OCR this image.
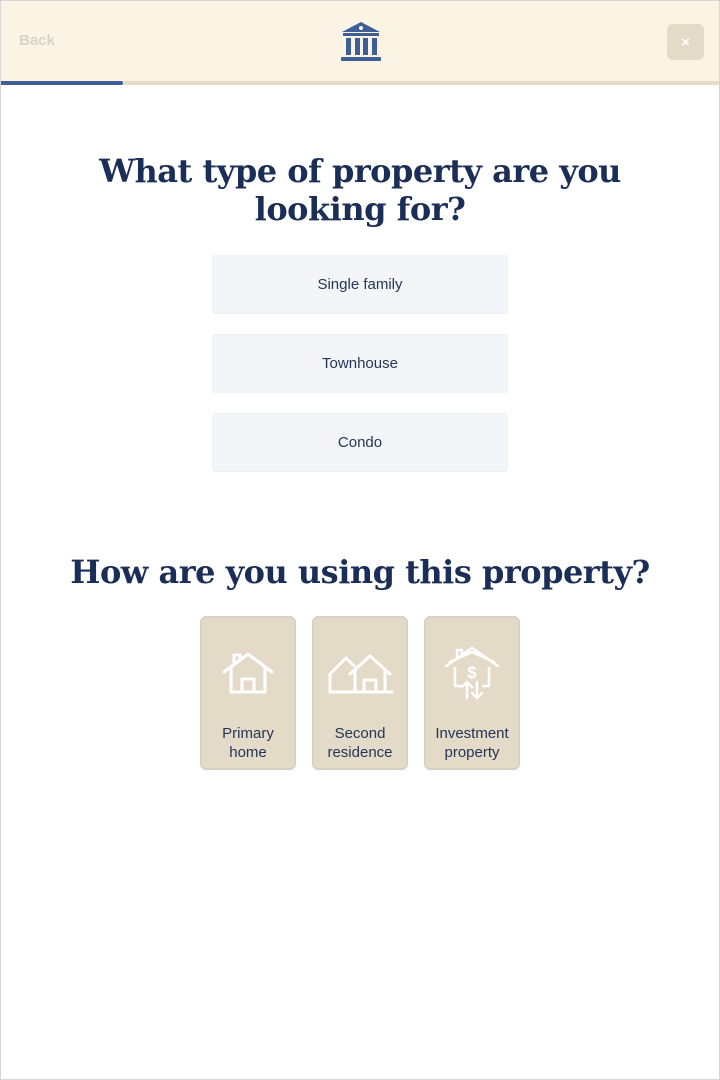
Back	×
What type of property are you looking for?
Single family
Townhouse
Condo
How are you using this property?
Primary
home
Second
residence
$
Investment
property
